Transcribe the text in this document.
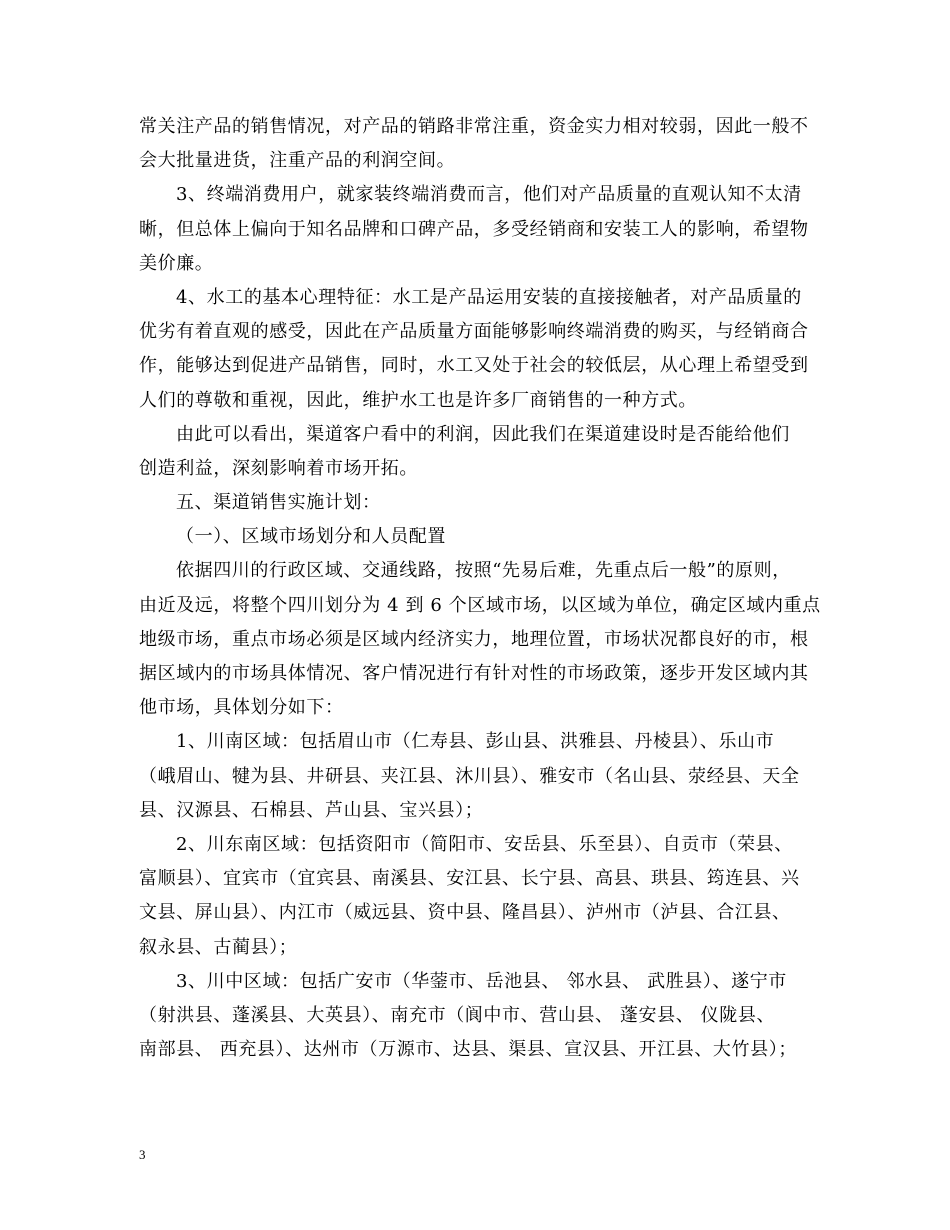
常关注产品的销售情况，对产品的销路非常注重，资金实力相对较弱，因此一般不
会大批量进货，注重产品的利润空间。
3、终端消费用户，就家装终端消费而言，他们对产品质量的直观认知不太清
晰，但总体上偏向于知名品牌和口碑产品，多受经销商和安装工人的影响，希望物
美价廉。
4、水工的基本心理特征：水工是产品运用安装的直接接触者，对产品质量的
优劣有着直观的感受，因此在产品质量方面能够影响终端消费的购买，与经销商合
作，能够达到促进产品销售，同时，水工又处于社会的较低层，从心理上希望受到
人们的尊敬和重视，因此，维护水工也是许多厂商销售的一种方式。
由此可以看出，渠道客户看中的利润，因此我们在渠道建设时是否能给他们
创造利益，深刻影响着市场开拓。
五、渠道销售实施计划：
（一）、区域市场划分和人员配置
依据四川的行政区域、交通线路，按照“先易后难，先重点后一般”的原则，
由近及远，将整个四川划分为 4 到 6 个区域市场，以区域为单位，确定区域内重点
地级市场，重点市场必须是区域内经济实力，地理位置，市场状况都良好的市，根
据区域内的市场具体情况、客户情况进行有针对性的市场政策，逐步开发区域内其
他市场，具体划分如下：
1、川南区域：包括眉山市（仁寿县、彭山县、洪雅县、丹棱县）、乐山市
（峨眉山、犍为县、井研县、夹江县、沐川县）、雅安市（名山县、荥经县、天全
县、汉源县、石棉县、芦山县、宝兴县）；
2、川东南区域：包括资阳市（简阳市、安岳县、乐至县）、自贡市（荣县、
富顺县）、宜宾市（宜宾县、南溪县、安江县、长宁县、高县、珙县、筠连县、兴
文县、屏山县）、内江市（威远县、资中县、隆昌县）、泸州市（泸县、合江县、
叙永县、古蔺县）；
3、川中区域：包括广安市（华蓥市、岳池县、 邻水县、 武胜县）、遂宁市
（射洪县、蓬溪县、大英县）、南充市（阆中市、营山县、 蓬安县、 仪陇县、
南部县、 西充县）、达州市（万源市、达县、渠县、宣汉县、开江县、大竹县）；
3
